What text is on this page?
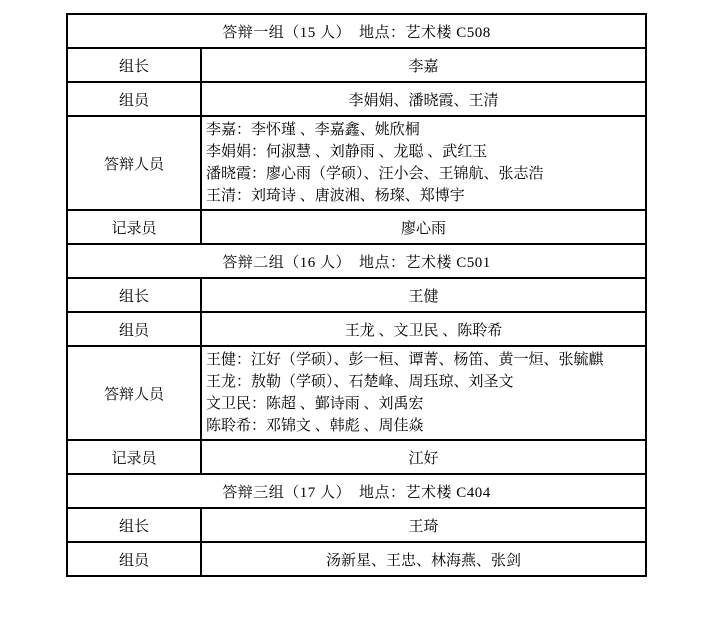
答辩一组（15 人）　地点：艺术楼 C508	
组长	李嘉
组员	李娟娟、潘晓霞、王清
答辩人员	李嘉：李怀瑾 、李嘉鑫、姚欣桐
李娟娟：何淑慧 、刘静雨 、龙聪 、武红玉
潘晓霞：廖心雨（学硕）、汪小会、王锦航、张志浩
王清：刘琦诗 、唐波湘、杨璨、郑博宇

记录员	廖心雨
答辩二组（16 人）　地点：艺术楼 C501	
组长	王健
组员	王龙 、文卫民 、陈聆希
答辩人员	王健：江好（学硕）、彭一桓、谭菁、杨笛、黄一烜、张毓麒
王龙：敖勒（学硕）、石楚峰、周珏琼、刘圣文
文卫民：陈超 、鄞诗雨 、刘禹宏
陈聆希：邓锦文 、韩彪 、周佳焱

记录员	江好
答辩三组（17 人）　地点：艺术楼 C404	
组长	王琦
组员	汤新星、王忠、林海燕、张剑
